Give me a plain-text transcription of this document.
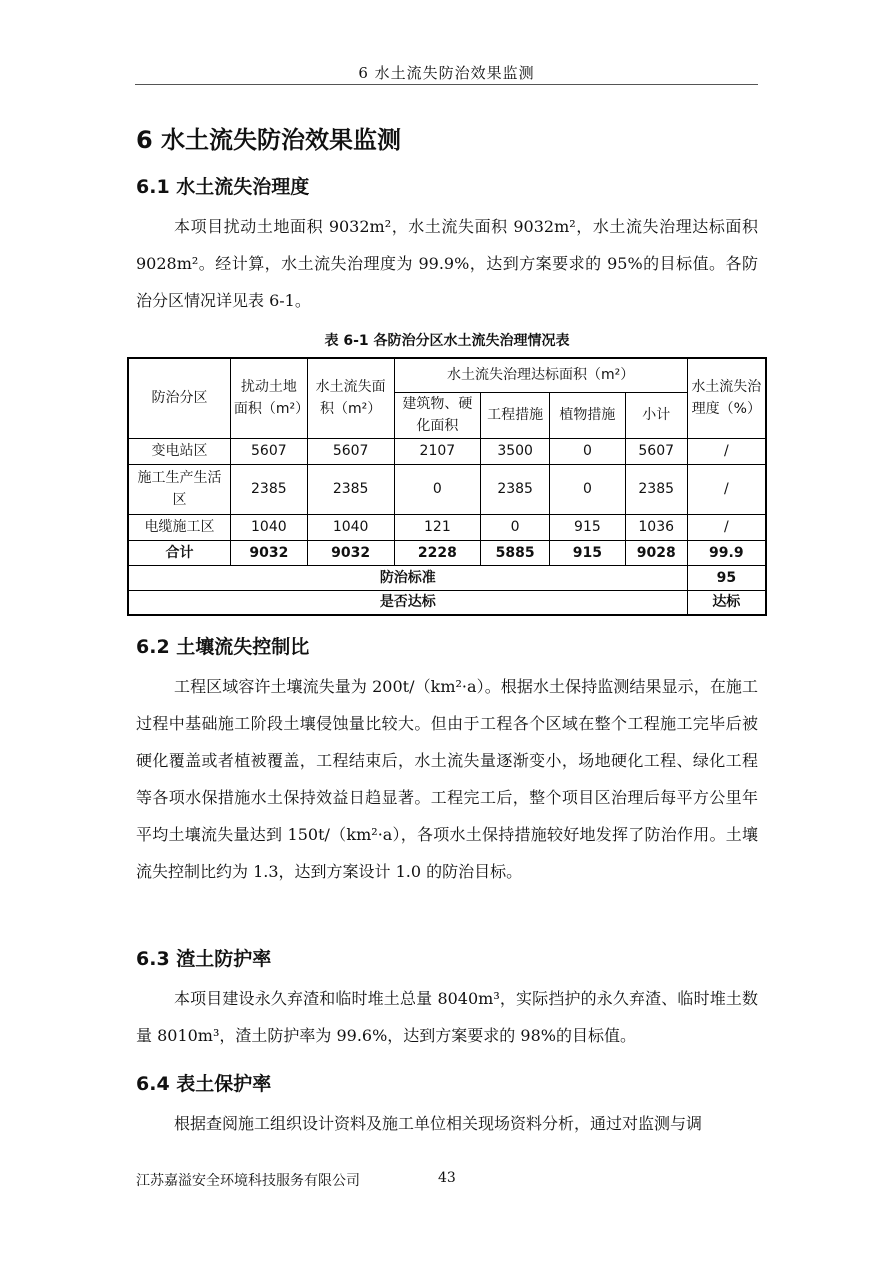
6 水土流失防治效果监测
6 水土流失防治效果监测
6.1 水土流失治理度

本项目扰动土地面积 9032m²，水土流失面积 9032m²，水土流失治理达标面积 9028m²。经计算，水土流失治理度为 99.9%，达到方案要求的 95%的目标值。各防治分区情况详见表 6-1。

表 6-1 各防治分区水土流失治理情况表
防治分区	扰动土地面积（m²）	水土流失面积（m²）	水土流失治理达标面积（m²）				水土流失治理度（%）
			建筑物、硬化面积	工程措施	植物措施	小计	
变电站区	5607	5607	2107	3500	0	5607	/
施工生产生活区	2385	2385	0	2385	0	2385	/
电缆施工区	1040	1040	121	0	915	1036	/
合计	9032	9032	2228	5885	915	9028	99.9
防治标准							95
是否达标							达标
6.2 土壤流失控制比

工程区域容许土壤流失量为 200t/（km²·a）。根据水土保持监测结果显示，在施工过程中基础施工阶段土壤侵蚀量比较大。但由于工程各个区域在整个工程施工完毕后被硬化覆盖或者植被覆盖，工程结束后，水土流失量逐渐变小，场地硬化工程、绿化工程等各项水保措施水土保持效益日趋显著。工程完工后，整个项目区治理后每平方公里年平均土壤流失量达到 150t/（km²·a），各项水土保持措施较好地发挥了防治作用。土壤流失控制比约为 1.3，达到方案设计 1.0 的防治目标。

6.3 渣土防护率

本项目建设永久弃渣和临时堆土总量 8040m³，实际挡护的永久弃渣、临时堆土数量 8010m³，渣土防护率为 99.6%，达到方案要求的 98%的目标值。

6.4 表土保护率

根据查阅施工组织设计资料及施工单位相关现场资料分析，通过对监测与调

江苏嘉溢安全环境科技服务有限公司	43
